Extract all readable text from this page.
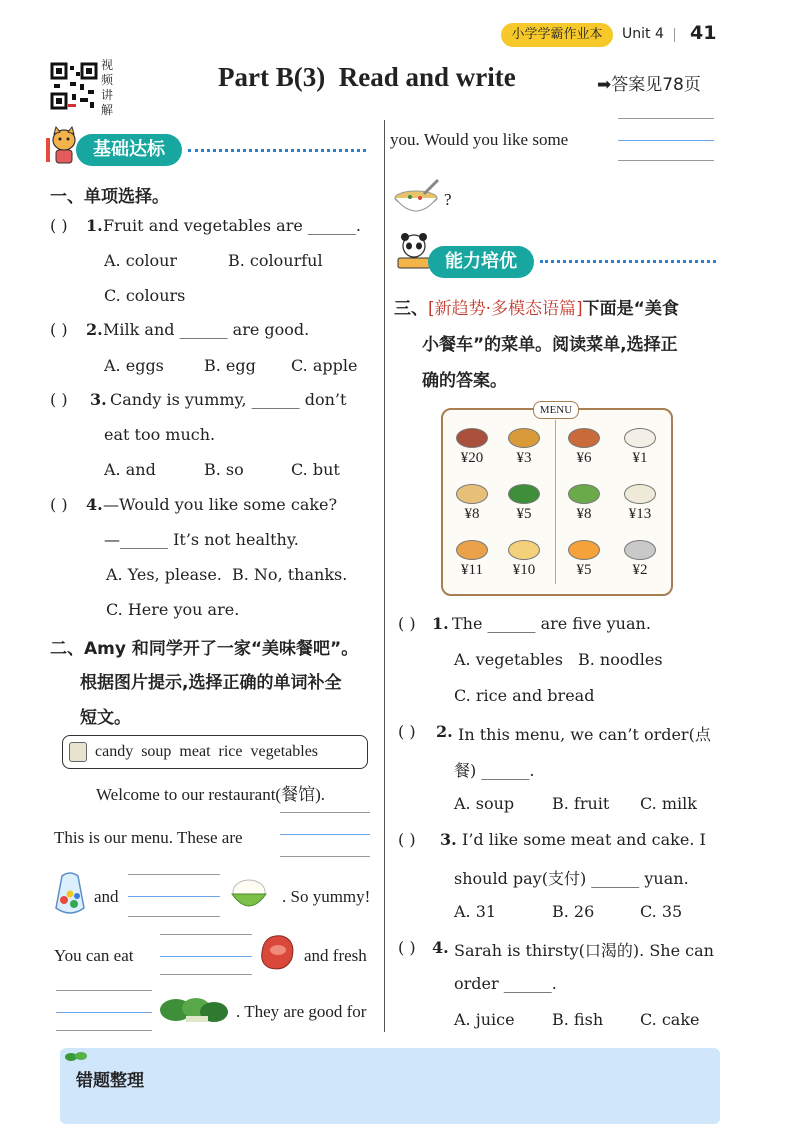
小学学霸作业本	Unit 4 41
视频讲解
Part B(3)  Read and write	➡答案见78页
基础达标
一、单项选择。
( ) 1. Fruit and vegetables are ______.
A. colour	B. colourful
C. colours
( ) 2. Milk and ______ are good.
A. eggs	B. egg C. apple
( ) 3. Candy is yummy, ______ don’t
eat too much.
A. and	B. so	C. but
( ) 4. —Would you like some cake?
—______ It’s not healthy.
A. Yes, please. B. No, thanks.
C. Here you are.
二、Amy 和同学开了一家“美味餐吧”。
根据图片提示,选择正确的单词补全
短文。
candy  soup  meat  rice  vegetables
Welcome to our restaurant(餐馆).
This is our menu. These are
and	. So yummy!
You can eat	and fresh
. They are good for
you. Would you like some
?
能力培优
三、[新趋势·多模态语篇]下面是“美食
小餐车”的菜单。阅读菜单,选择正
确的答案。
MENU
¥20	¥3	¥6	¥1
¥8	¥5	¥8	¥13
¥11	¥10	¥5	¥2
( ) 1. The ______ are five yuan.
A. vegetables B. noodles
C. rice and bread
( ) 2. In this menu, we can’t order(点
餐) ______.
A. soup B. fruit C. milk
( ) 3. I’d like some meat and cake. I
should pay(支付) ______ yuan.
A. 31	B. 26	C. 35
( ) 4. Sarah is thirsty(口渴的). She can
order ______.
A. juice B. fish C. cake
错题整理
